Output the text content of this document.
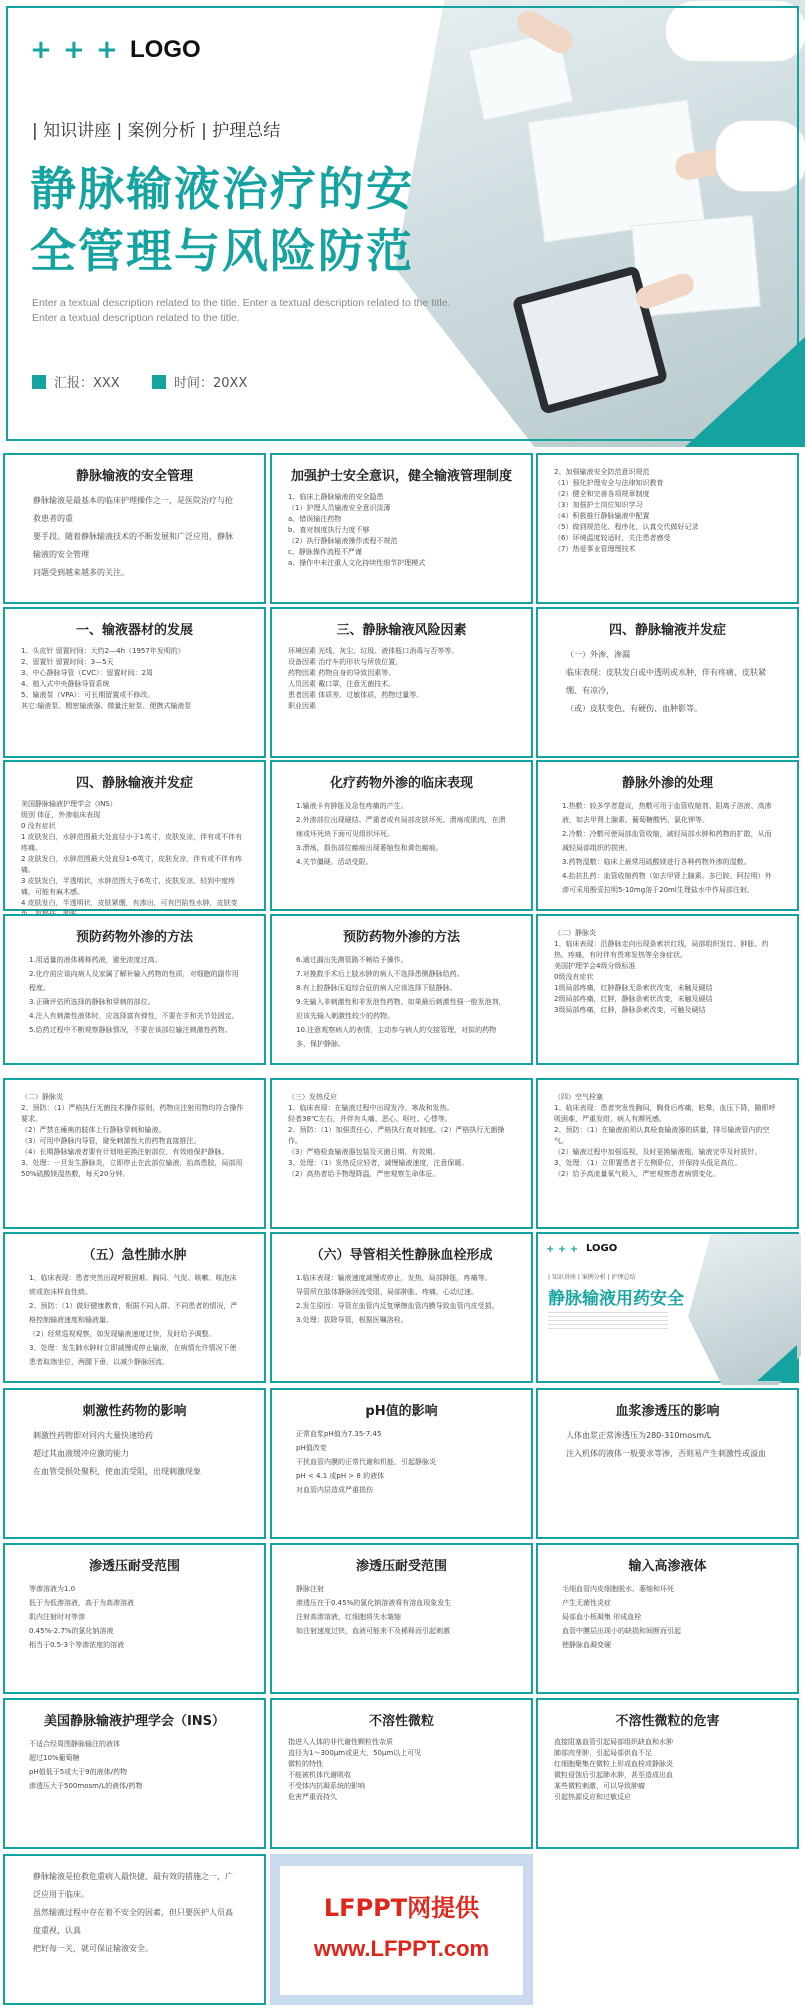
+ + + LOGO
| 知识讲座 | 案例分析 | 护理总结
静脉输液治疗的安
全管理与风险防范
Enter a textual description related to the title. Enter a textual description related to the title. Enter a textual description related to the title.
汇报：XXX	时间：20XX
静脉输液的安全管理
静脉输液是最基本的临床护理操作之一，是医院治疗与抢救患者的重
要手段。随着静脉输液技术的不断发展和广泛应用，静脉输液的安全管理
问题受到越来越多的关注。
加强护士安全意识，健全输液管理制度
1、临床上静脉输液的安全隐患
（1）护理人员输液安全意识淡薄
a、错误输注药物
b、查对制度执行力度不够
（2）执行静脉输液操作流程不规范
c、静脉操作流程不严谨
a、操作中未注重人文化持续性细节护理模式
2、加强输液安全防范意识规范
（1）强化护理安全与法律知识教育
（2）健全和完善各项规章制度
（3）加强护士岗位知识学习
（4）积极推行静脉输液中配置
（5）做到规范化、程序化、认真交代做好记录
（6）环境温度较适时，关注患者感受
（7）热爱事业管理理技术
一、输液器材的发展
1、头皮针 留置时间：大约2—4h（1957年发明的）
2、留置针 留置时间：3—5天
3、中心静脉导管（CVC）：留置时间：2周
4、植入式中央静脉导管系统
5、输液泵（VPA）：可长期留置或不修改。
其它:输液泵、精密输液器、微量注射泵、便携式输液泵
三、静脉输液风险因素
环境因素 光线、灰尘、垃圾、液体瓶口消毒与否等等。
设备因素 治疗车的形状与所放位置，
药物因素 药物自身的导致因素等。
人员因素 戴口罩，注意无菌技术。
患者因素 体质差、过敏体质，药物过量等。
职业因素
四、静脉输液并发症
（一）外渗、渗漏
临床表现：皮肤发白或中透明或水肿，伴有疼痛、皮肤紧绷、有凉冷，
（或）皮肤变色、有硬伤、血肿影等。
四、静脉输液并发症
美国静脉输液护理学会（INS）
级别 体征，外渗临床表现
0 没有症状
1 皮肤发白，水肿范围最大处直径小于1英寸，皮肤发凉，伴有或不伴有疼痛。
2 皮肤发白，水肿范围最大处直径1-6英寸，皮肤发凉，伴有或不伴有疼痛。
3 皮肤发白，半透明状，水肿范围大于6英寸，皮肤发凉，轻到中度疼痛，可能有麻木感。
4 皮肤发白，半透明状，皮肤紧绷，有渗出，可有凹陷性水肿，皮肤变
化疗药物外渗的临床表现
1.输液卡有肿胀及急性疼痛的产生。
2.外渗部位出现硬结、严重者或有局部皮肤坏死、溃疡或肌肉，在溃疡或坏死块下面可见组织坏死。
3.溃疡，损伤部位瘢痕出现萎缩性和黄色瘢痕。
4.关节僵硬、活动受限。
静脉外渗的处理
1.热敷：较多学者提议，热敷可用于血管收缩剂、阳离子溶液、高渗液，如去甲肾上腺素、葡萄糖酸钙、氯化钾等。
2.冷敷：冷敷可使局部血管收缩，减轻局部水肿和药物的扩散，从而减轻局部组织的损害。
3.药物湿敷：临床上最常用硫酸镁进行各种药物外渗的湿敷。
4.抬抗扎药：血管收缩药物（如去甲肾上腺素、多巴胺、阿拉明）外渗可采用酚妥拉明5-10mg溶于20ml生理盐水中作局部注射。
预防药物外渗的方法
1.用适量的液体稀释药液，避免浓度过高。
2.化疗前应该向病人及家属了解补输入药物的性质，对细胞的副作用程度。
3.正确评估所选择的静脉和穿刺的部位。
4.注入有刺激性液体时，应选择富有弹性，不要在手和关节处固定。
5.给药过程中不断观察静脉情况，不要在该部位输注刺激性药物。
预防药物外渗的方法
6.通过漏出先测管路不畅给予操作。
7.对挽救手术后上肢水肿的病人不选择患侧静脉给药。
8.有上腔静脉压迫综合征的病人应该选择下肢静脉。
9.先输入非刺激性和非发泡性药物，如果最后刺激性强一般发泡剂，应该先输入刺激性较少的药物。
10.注意观察病人的表情，主动参与病人的交接管理，对拟的药物多，保护静脉。
（二）静脉炎
1、临床表现：沿静脉走向出现条索状红线，局部组织发红、肿胀、灼热、疼痛，有时伴有畏寒发热等全身症状。
美国护理学会4级分级标准
0级没有症状
1级局部疼痛，红肿静脉无条索状改变，未触及硬结
2级局部疼痛，红肿，静脉条索状改变，未触及硬结
3级局部疼痛，红肿，静脉条索改变，可触及硬结
（二）静脉炎
2、预防：（1）严格执行无菌技术操作原则，药物应注射用物均符合操作要求。
（2）严禁在瘫痪的肢体上行静脉穿刺和输液。
（3）可用中静脉内导管，避免刺激性大的药物直接推注。
（4）长期静脉输液者要有计划地更换注射部位，有效地保护静脉。
3、处理：一旦发生静脉炎，立即停止在此部位输液，抬高患肢，局部用50%硫酸镁湿热敷，每天20分钟。
（三）发热反应
1、临床表现：在输液过程中出现发冷、寒战和发热。
轻者38℃左右，并伴有头痛、恶心、呕吐、心悸等。
2、预防：（1）加强责任心，严格执行查对制度。（2）严格执行无菌操作。
（3）严格检查输液器包装及灭菌日期、有效期。
3、处理：（1）发热反应轻者，减慢输液速度，注意保暖。
（2）高热者给予物理降温，严密观察生命体征。
（四）空气栓塞
1、临床表现：患者突发性胸闷，胸骨后疼痛，眩晕，血压下降，随即呼吸困难，严重发绀，病人有濒死感。
2、预防：（1）在输液前须认真检查输液器的质量，排尽输液管内的空气。
（2）输液过程中加强巡视，及时更换输液瓶，输液完毕及时拔针。
3、处理：（1）立即置患者于左侧卧位，并保持头低足高位。
（2）给予高流量氧气吸入，严密观察患者病情变化。
（五）急性肺水肿
1、临床表现：患者突然出现呼吸困难、胸闷、气促、咳嗽、咳泡沫痰或泡沫样血性痰。
2、预防：（1）做好健康教育，根据不同人群、不同患者的情况，严格控制输液速度和输液量。
（2）经常巡视观察，如发现输液速度过快，及时给予调整。
3、处理：发生肺水肿时立即减慢或停止输液，在病情允许情况下使患者取端坐位，两腿下垂，以减少静脉回流。
（六）导管相关性静脉血栓形成
1.临床表现：输液速度减慢或停止，发热，局部肿胀，疼痛等。
导管所在肢体静脉回流受阻，局部肿胀、疼痛，心动过速。
2.发生原因：导管在血管内反复摩擦血管内膜导致血管内皮受损。
3.处理：拔除导管，根据医嘱溶栓。
刺激性药物的影响
刺激性药物即对同内大量快速给药
超过其血液缓冲应激的能力
在血管受损处聚积，使血流受阻，出现刺激现象
pH值的影响
正常血浆pH值为7.35-7.45
pH值改变
干扰血管内膜的正常代谢和机能，引起静脉炎
pH < 4.1 或pH > 8 的液体
对血管内层造成严重损伤
血浆渗透压的影响
人体血浆正常渗透压为280-310mosm/L
注入机体的液体一般要求等渗，否则易产生刺激性或溢血
渗透压耐受范围
等渗溶液为1.0
低于为低渗溶液，高于为高渗溶液
肌内注射时对等渗
0.45%-2.7%的氯化钠溶液
相当于0.5-3个等渗浓度的溶液
渗透压耐受范围
静脉注射
渗透压在于0.45%的氯化钠溶液将有溶血现象发生
注射高渗溶液，红细胞将失水皱缩
如注射速度过快，血液可能来不及稀释而引起刺激
输入高渗液体
毛细血管内皮细胞脱水、萎缩和坏死
产生无菌性炎症
局部血小板凝集 形成血栓
血管中膜层出现小的缺损和间断而引起
使静脉血凝变硬
美国静脉输液护理学会（INS）
不适合经周围静脉输注的液体
超过10%葡萄糖
pH值低于5或大于9的液体/药物
渗透压大于500mosm/L的液体/药物
不溶性微粒
指进入人体的非代谢性颗粒性杂质
直径为1～300μm或更大，50μm以上可见
微粒的特性
不能被机体代谢吸收
不受体内抗凝系统的影响
危害严重而持久
不溶性微粒的危害
直接阻塞血管引起局部组织缺血和水肿
肺部肉芽肿，引起局部供血不足
红细胞聚集在微粒上形成血栓或静脉炎
微粒侵蚀后引起肺水肿，甚至造成出血
某些微粒刺激，可以导致肿瘤
引起热源反应和过敏反应
静脉输液是抢救危重病人最快捷、最有效的措施之一，广泛应用于临床。
虽然输液过程中存在着不安全的因素，但只要医护人员高度重视，认真
把好每一关，就可保证输液安全。
+ + + LOGO
| 知识讲座 | 案例分析 | 护理总结
静脉输液用药安全
LFPPT网提供
www.LFPPT.com
